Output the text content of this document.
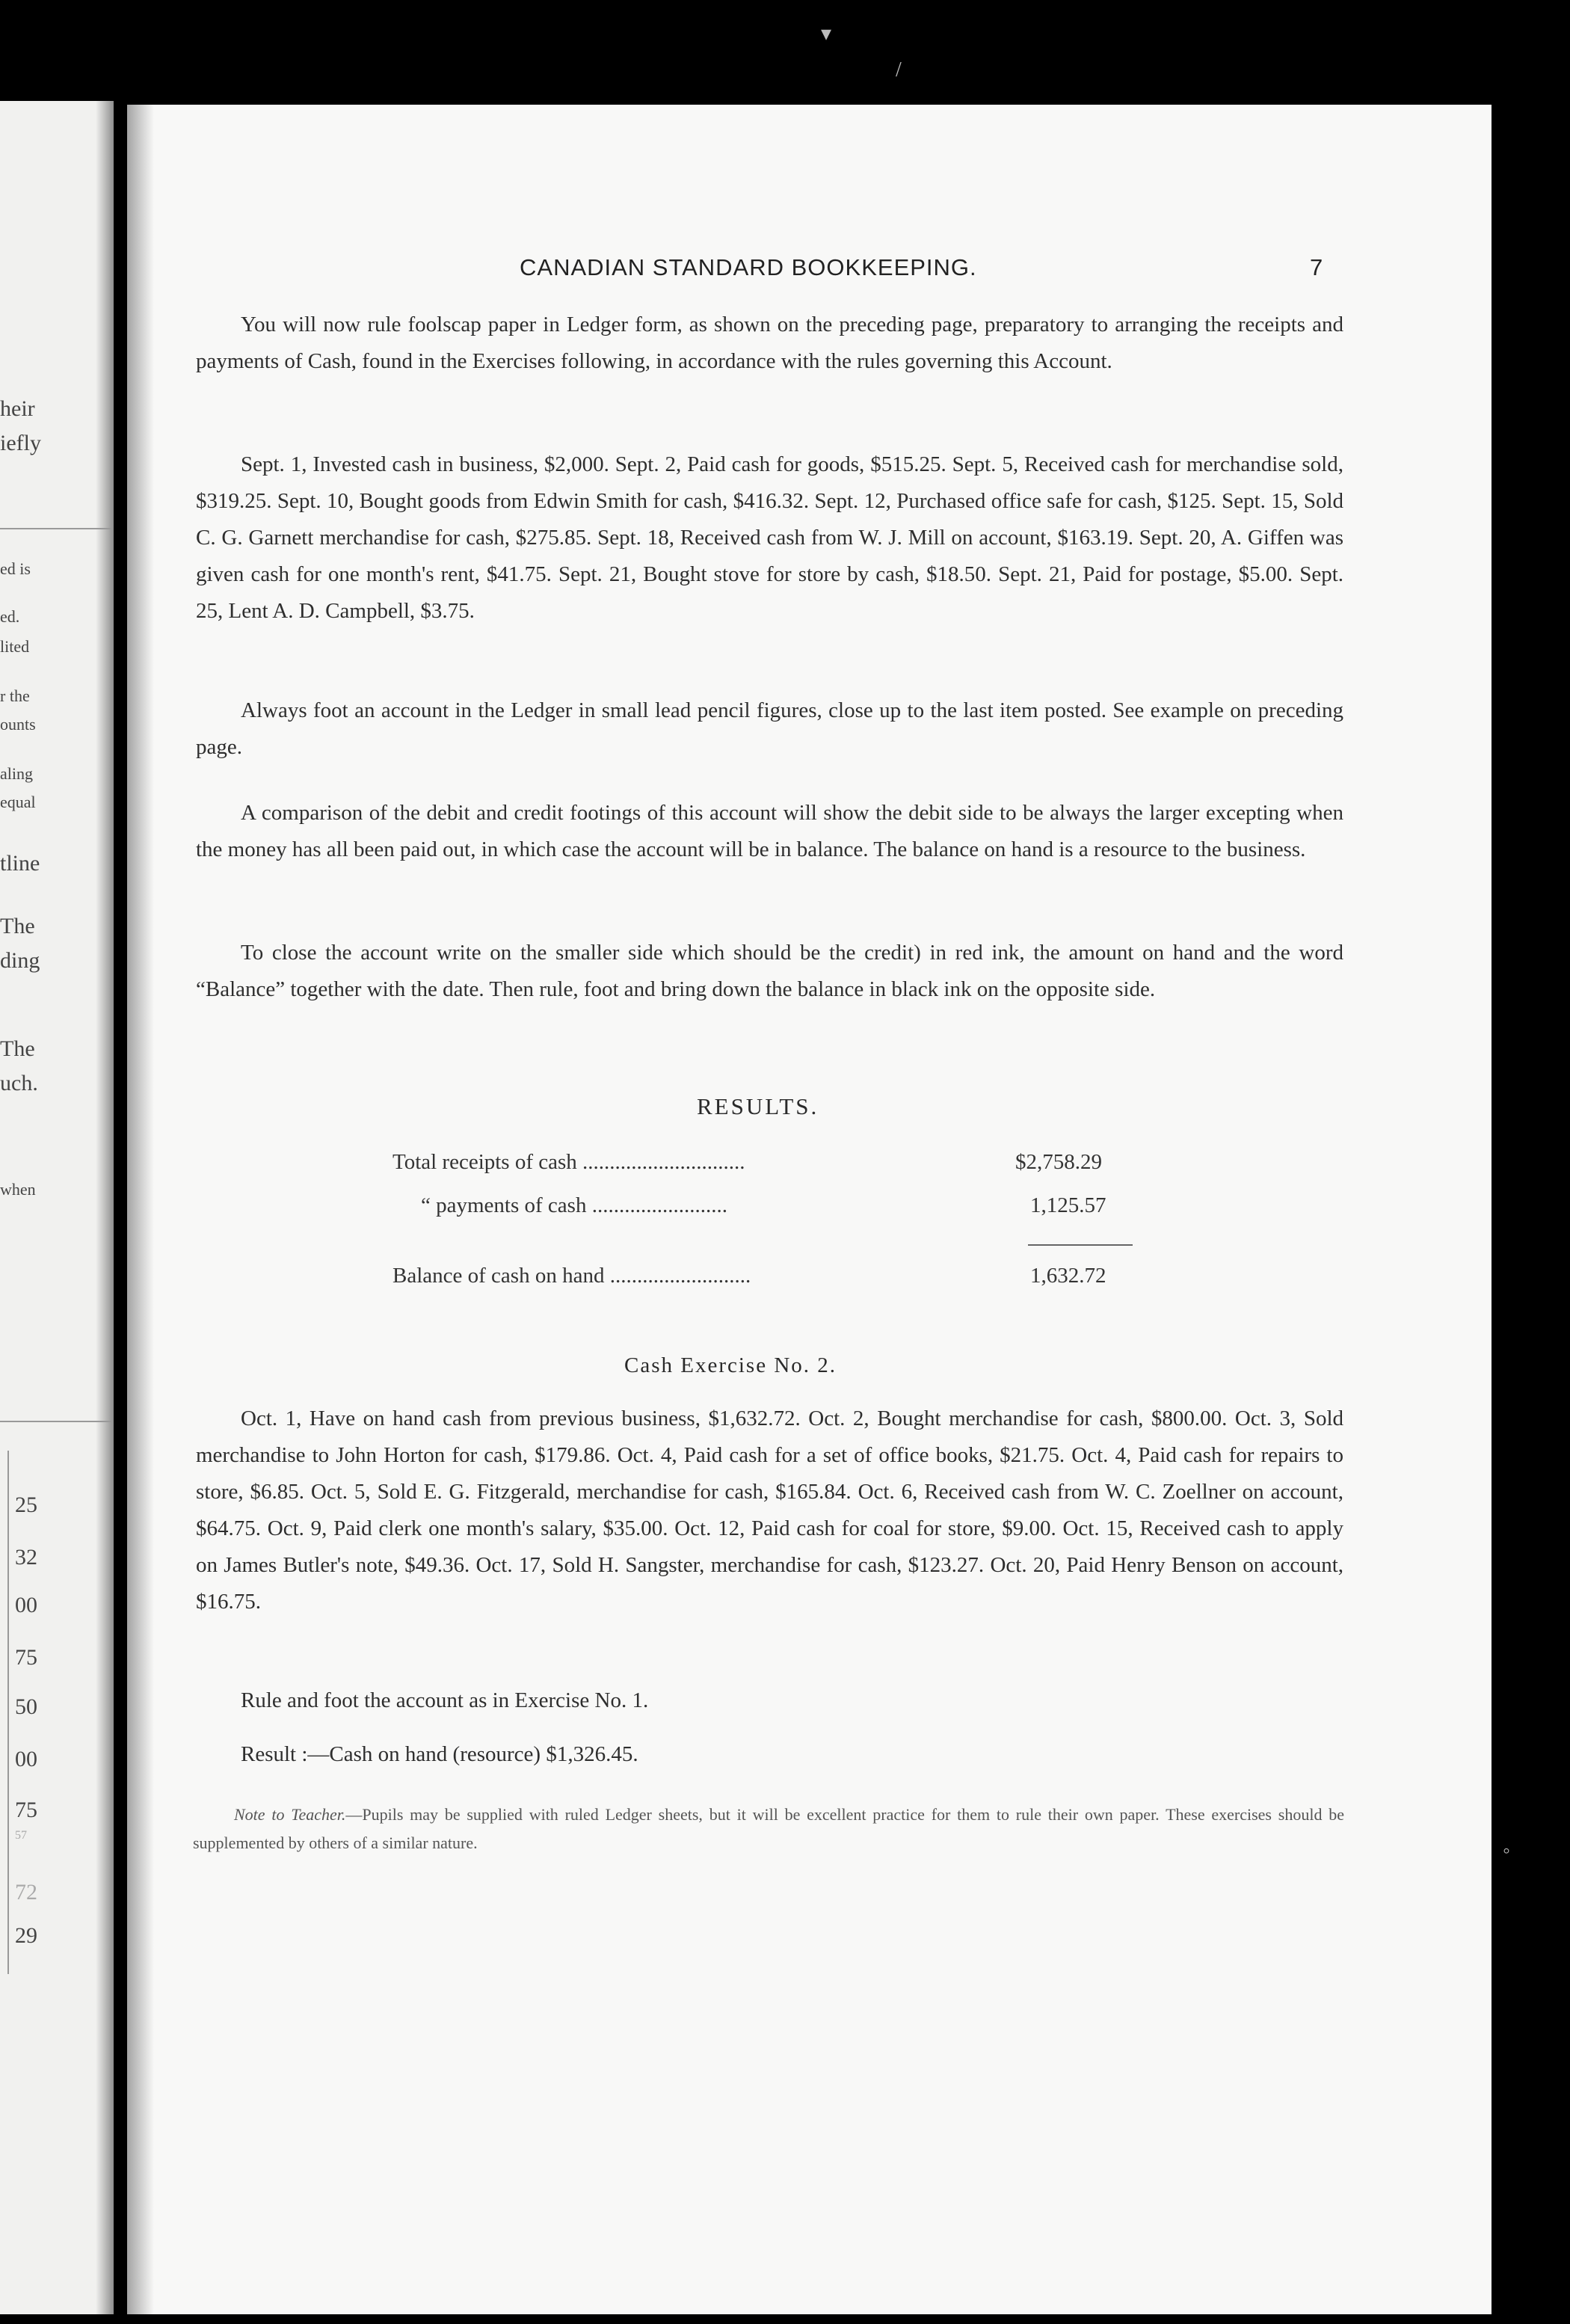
heir
iefly
ed is
ed.
lited
r the
ounts
aling
equal
tline
The
ding
The
uch.
when
25
32
00
75
50
00
75
57
72
29
CANADIAN STANDARD BOOKKEEPING.	7

You will now rule foolscap paper in Ledger form, as shown on the preceding page, preparatory to arranging the receipts and payments of Cash, found in the Exercises following, in accordance with the rules governing this Account.

Sept. 1, Invested cash in business, $2,000. Sept. 2, Paid cash for goods, $515.25. Sept. 5, Received cash for merchandise sold, $319.25. Sept. 10, Bought goods from Edwin Smith for cash, $416.32. Sept. 12, Purchased office safe for cash, $125. Sept. 15, Sold C. G. Garnett merchandise for cash, $275.85. Sept. 18, Received cash from W. J. Mill on account, $163.19. Sept. 20, A. Giffen was given cash for one month's rent, $41.75. Sept. 21, Bought stove for store by cash, $18.50. Sept. 21, Paid for postage, $5.00. Sept. 25, Lent A. D. Campbell, $3.75.

Always foot an account in the Ledger in small lead pencil figures, close up to the last item posted. See example on preceding page.

A comparison of the debit and credit footings of this account will show the debit side to be always the larger excepting when the money has all been paid out, in which case the account will be in balance. The balance on hand is a resource to the business.

To close the account write on the smaller side which should be the credit) in red ink, the amount on hand and the word “Balance” together with the date. Then rule, foot and bring down the balance in black ink on the opposite side.

RESULTS.
Total receipts of cash ..............................	$2,758.29
“ payments of cash .........................	1,125.57
Balance of cash on hand ..........................	1,632.72
Cash Exercise No. 2.

Oct. 1, Have on hand cash from previous business, $1,632.72. Oct. 2, Bought merchandise for cash, $800.00. Oct. 3, Sold merchandise to John Horton for cash, $179.86. Oct. 4, Paid cash for a set of office books, $21.75. Oct. 4, Paid cash for repairs to store, $6.85. Oct. 5, Sold E. G. Fitzgerald, merchandise for cash, $165.84. Oct. 6, Received cash from W. C. Zoellner on account, $64.75. Oct. 9, Paid clerk one month's salary, $35.00. Oct. 12, Paid cash for coal for store, $9.00. Oct. 15, Received cash to apply on James Butler's note, $49.36. Oct. 17, Sold H. Sangster, merchandise for cash, $123.27. Oct. 20, Paid Henry Benson on account, $16.75.

Rule and foot the account as in Exercise No. 1.

Result :—Cash on hand (resource) $1,326.45.

Note to Teacher.—Pupils may be supplied with ruled Ledger sheets, but it will be excellent practice for them to rule their own paper. These exercises should be supplemented by others of a similar nature.

▾
/
◦
